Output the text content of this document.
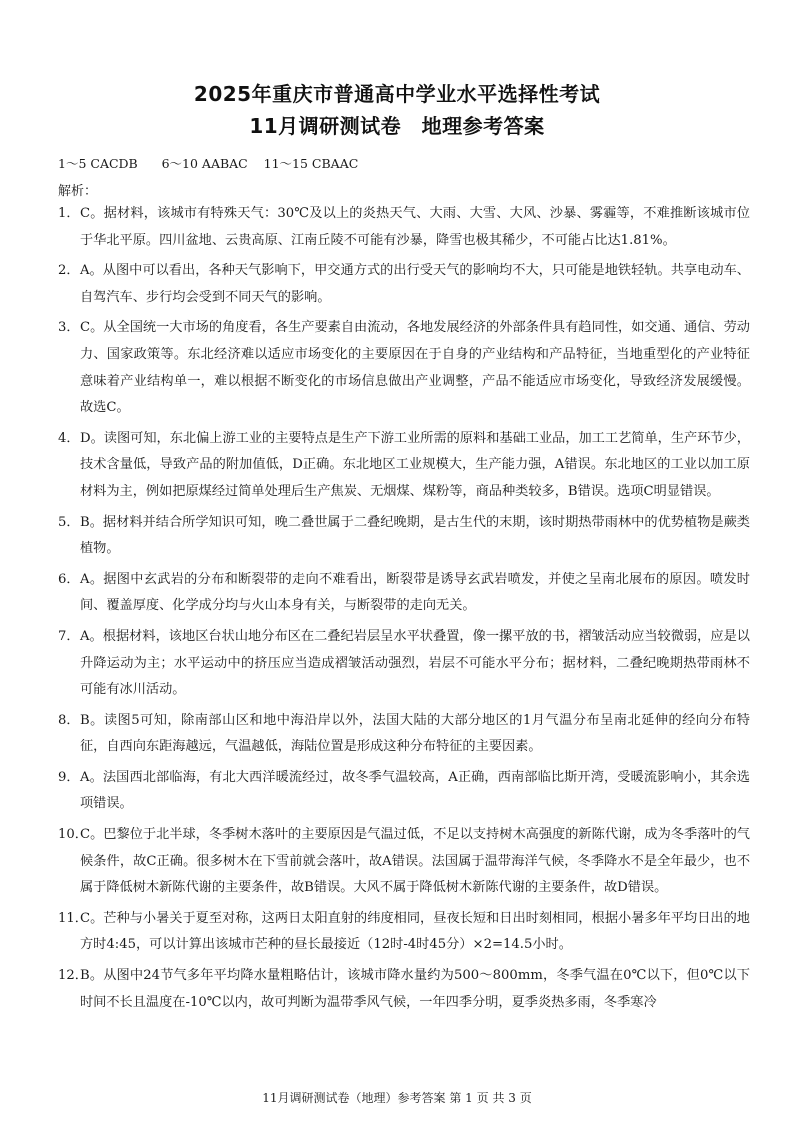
2025年重庆市普通高中学业水平选择性考试
11月调研测试卷　地理参考答案
1～5 CACDB      6～10 AABAC    11～15 CBAAC
解析：
1． C。据材料，该城市有特殊天气：30℃及以上的炎热天气、大雨、大雪、大风、沙暴、雾霾等，不难推断该城市位于华北平原。四川盆地、云贵高原、江南丘陵不可能有沙暴，降雪也极其稀少，不可能占比达1.81%。
2． A。从图中可以看出，各种天气影响下，甲交通方式的出行受天气的影响均不大，只可能是地铁轻轨。共享电动车、自驾汽车、步行均会受到不同天气的影响。
3． C。从全国统一大市场的角度看，各生产要素自由流动，各地发展经济的外部条件具有趋同性，如交通、通信、劳动力、国家政策等。东北经济难以适应市场变化的主要原因在于自身的产业结构和产品特征，当地重型化的产业特征意味着产业结构单一，难以根据不断变化的市场信息做出产业调整，产品不能适应市场变化，导致经济发展缓慢。故选C。
4． D。读图可知，东北偏上游工业的主要特点是生产下游工业所需的原料和基础工业品，加工工艺简单，生产环节少，技术含量低，导致产品的附加值低，D正确。东北地区工业规模大，生产能力强，A错误。东北地区的工业以加工原材料为主，例如把原煤经过简单处理后生产焦炭、无烟煤、煤粉等，商品种类较多，B错误。选项C明显错误。
5． B。据材料并结合所学知识可知，晚二叠世属于二叠纪晚期，是古生代的末期，该时期热带雨林中的优势植物是蕨类植物。
6． A。据图中玄武岩的分布和断裂带的走向不难看出，断裂带是诱导玄武岩喷发，并使之呈南北展布的原因。喷发时间、覆盖厚度、化学成分均与火山本身有关，与断裂带的走向无关。
7． A。根据材料，该地区台状山地分布区在二叠纪岩层呈水平状叠置，像一摞平放的书，褶皱活动应当较微弱，应是以升降运动为主；水平运动中的挤压应当造成褶皱活动强烈，岩层不可能水平分布；据材料，二叠纪晚期热带雨林不可能有冰川活动。
8． B。读图5可知，除南部山区和地中海沿岸以外，法国大陆的大部分地区的1月气温分布呈南北延伸的经向分布特征，自西向东距海越远，气温越低，海陆位置是形成这种分布特征的主要因素。
9． A。法国西北部临海，有北大西洋暖流经过，故冬季气温较高，A正确，西南部临比斯开湾，受暖流影响小，其余选项错误。
10．
C。巴黎位于北半球，冬季树木落叶的主要原因是气温过低，不足以支持树木高强度的新陈代谢，成为冬季落叶的气候条件，故C正确。很多树木在下雪前就会落叶，故A错误。法国属于温带海洋气候，冬季降水不是全年最少，也不属于降低树木新陈代谢的主要条件，故B错误。大风不属于降低树木新陈代谢的主要条件，故D错误。
11．
C。芒种与小暑关于夏至对称，这两日太阳直射的纬度相同，昼夜长短和日出时刻相同，根据小暑多年平均日出的地方时4:45，可以计算出该城市芒种的昼长最接近（12时-4时45分）×2=14.5小时。
12．
B。从图中24节气多年平均降水量粗略估计，该城市降水量约为500～800mm，冬季气温在0℃以下，但0℃以下时间不长且温度在-10℃以内，故可判断为温带季风气候，一年四季分明，夏季炎热多雨，冬季寒冷
11月调研测试卷（地理）参考答案 第 1 页 共 3 页
